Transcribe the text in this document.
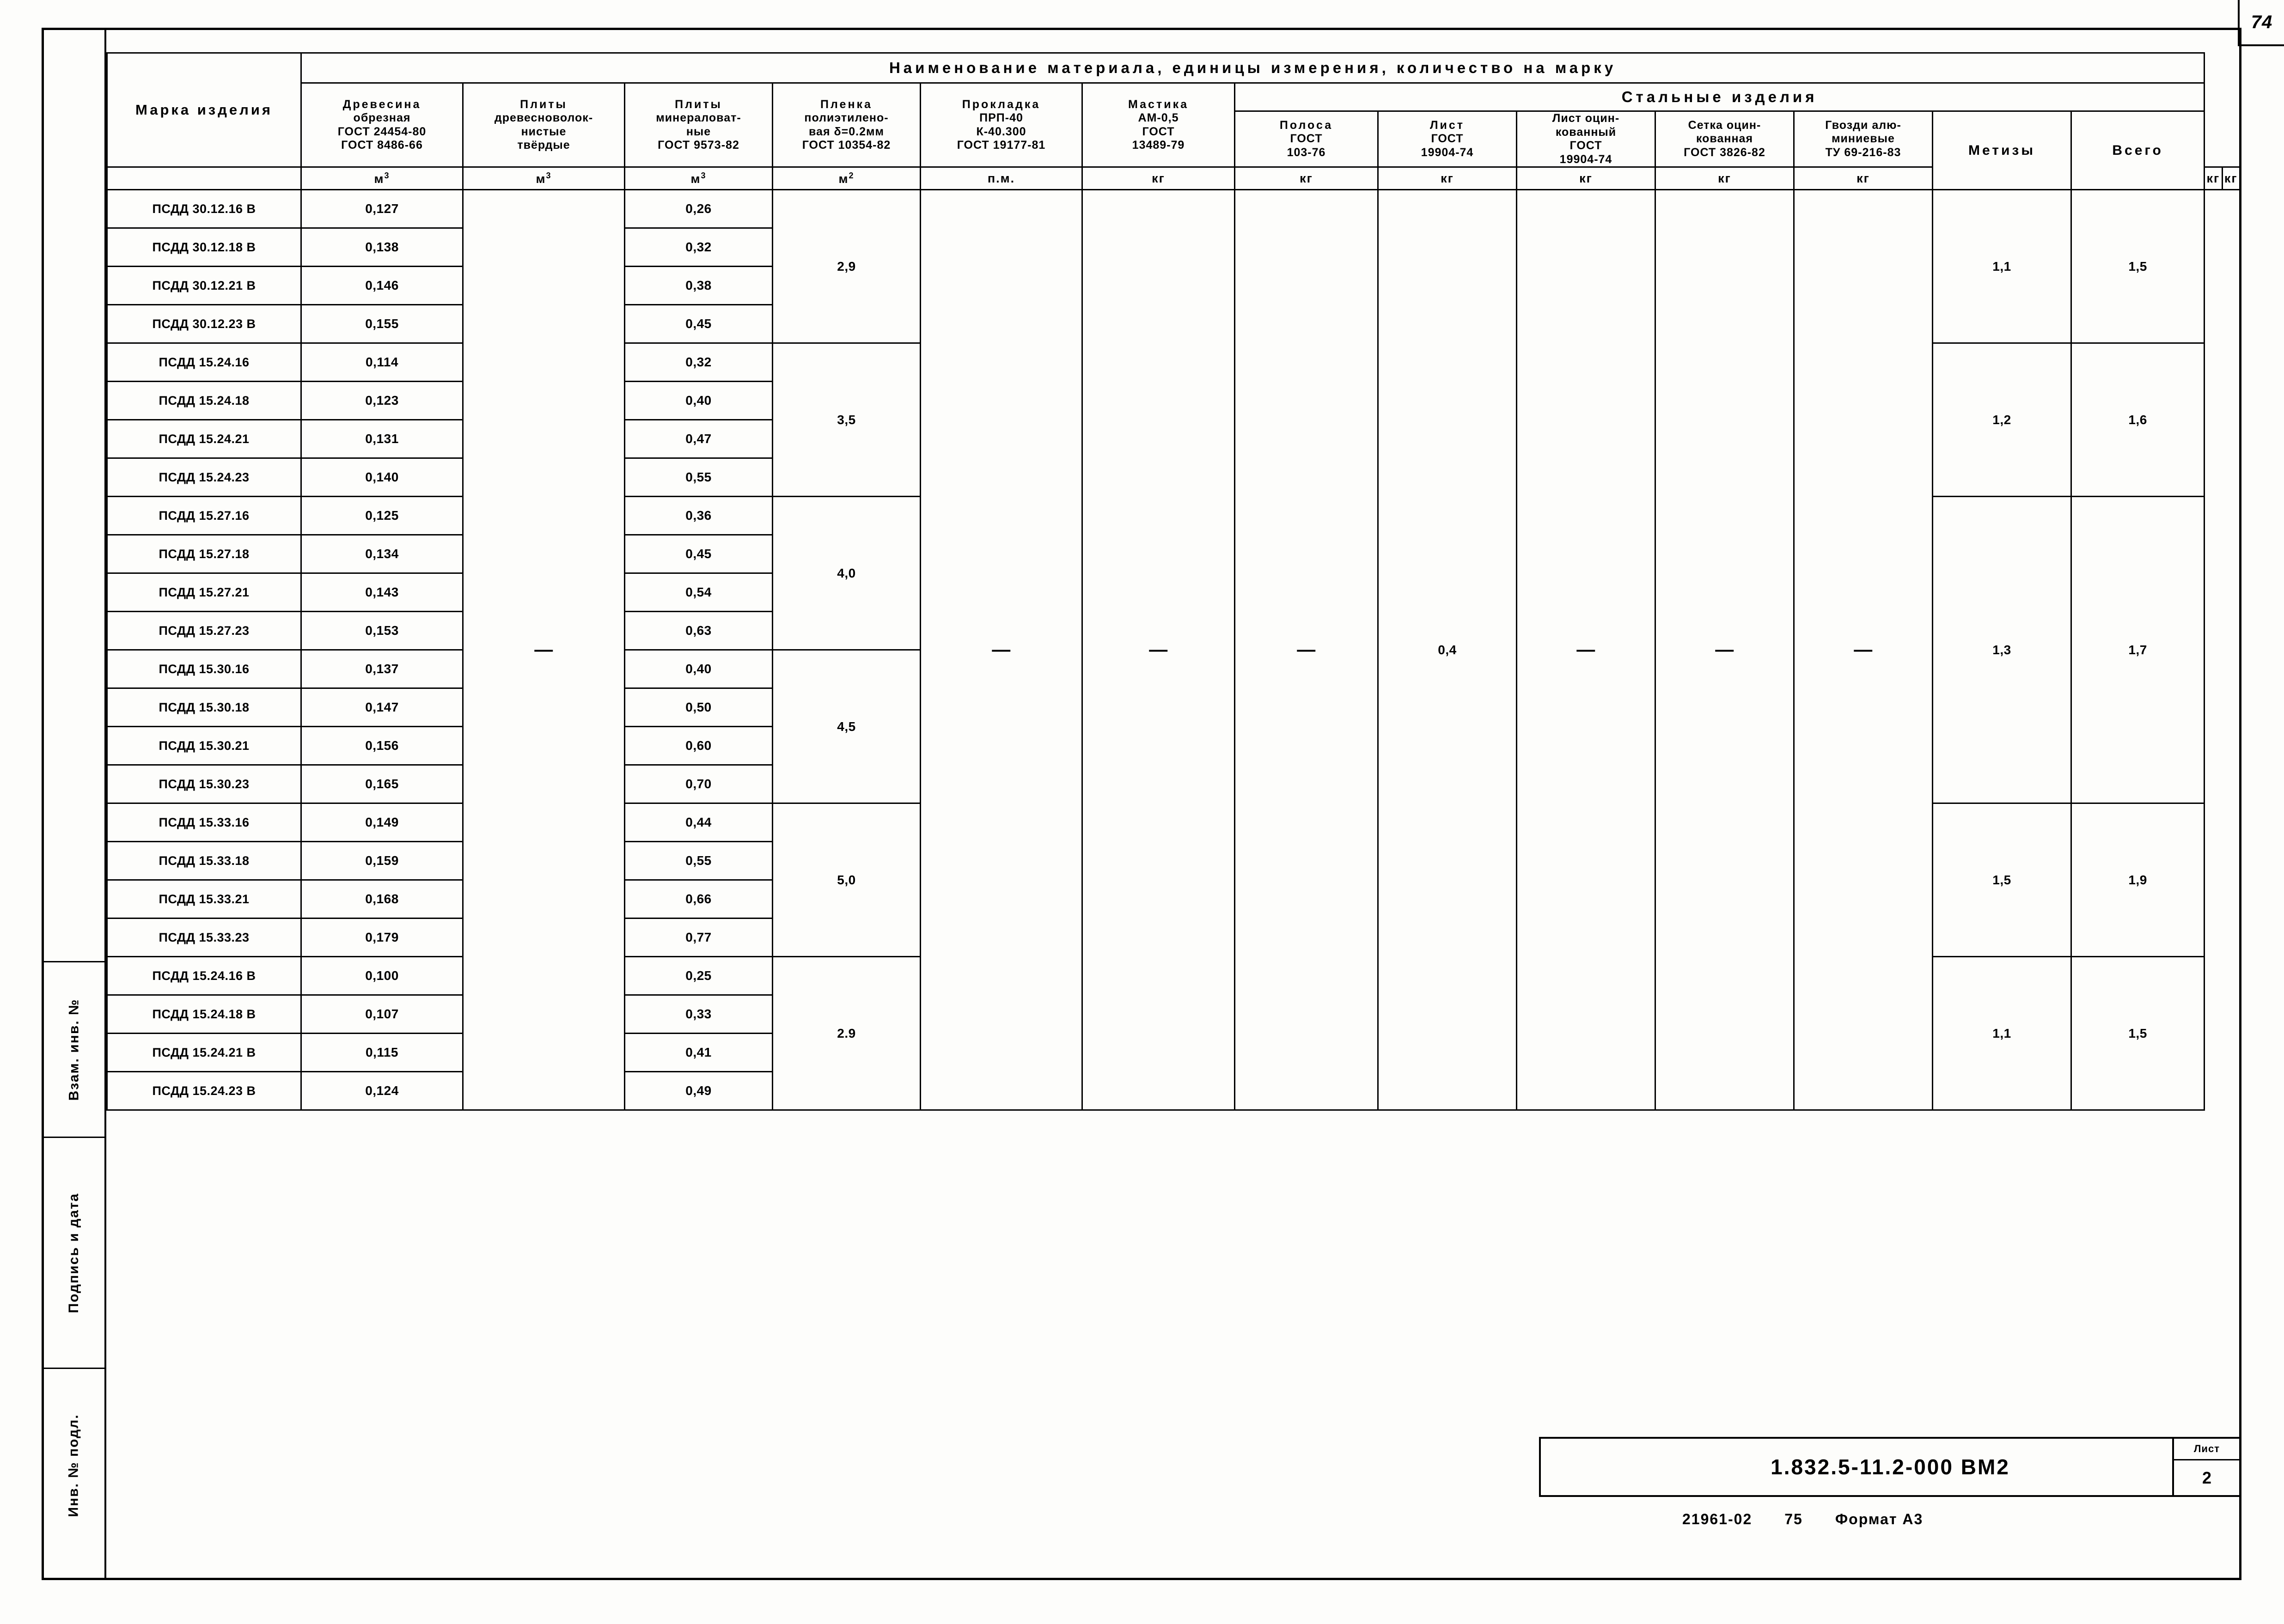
74
Взам. инв. №
Подпись и дата
Инв. № подл.
Марка изделия	Наименование материала, единицы измерения, количество на марку														

Древесина
обрезная
ГОСТ 24454-80
ГОСТ 8486-66

Плиты
древесноволок-
нистые
твёрдые

Плиты
минераловат-
ные
ГОСТ 9573-82

Пленка
полиэтилено-
вая δ=0.2мм
ГОСТ 10354-82

Прокладка
ПРП-40
К-40.300
ГОСТ 19177-81

Мастика
АМ-0,5
ГОСТ
13489-79
	Стальные изделия

Полоса
ГОСТ
103-76

Лист
ГОСТ
19904-74

Лист оцин-
кованный
ГОСТ
19904-74

Сетка оцин-
кованная
ГОСТ 3826-82

Гвозди алю-
миниевые
ТУ 69-216-83	Метизы	Всего

	$м^3$	$м^3$	$м^3$	$м^2$	п.м.	кг	кг	кг	кг	кг	кг			кг	кг
ПСДД 30.12.16 В	0,127	—	0,26	2,9	—	—	—	0,4	—	—	—	1,1	1,5		
ПСДД 30.12.18 В	0,138		0,32												
ПСДД 30.12.21 В	0,146		0,38												
ПСДД 30.12.23 В	0,155		0,45												
ПСДД 15.24.16	0,114		0,32	3,5								1,2	1,6		
ПСДД 15.24.18	0,123		0,40												
ПСДД 15.24.21	0,131		0,47												
ПСДД 15.24.23	0,140		0,55												
ПСДД 15.27.16	0,125		0,36	4,0								1,3	1,7		
ПСДД 15.27.18	0,134		0,45												
ПСДД 15.27.21	0,143		0,54												
ПСДД 15.27.23	0,153		0,63												
ПСДД 15.30.16	0,137		0,40	4,5											
ПСДД 15.30.18	0,147		0,50												
ПСДД 15.30.21	0,156		0,60												
ПСДД 15.30.23	0,165		0,70												
ПСДД 15.33.16	0,149		0,44	5,0								1,5	1,9		
ПСДД 15.33.18	0,159		0,55												
ПСДД 15.33.21	0,168		0,66												
ПСДД 15.33.23	0,179		0,77												
ПСДД 15.24.16 В	0,100		0,25	2.9								1,1	1,5		
ПСДД 15.24.18 В	0,107		0,33												
ПСДД 15.24.21 В	0,115		0,41												
ПСДД 15.24.23 В	0,124		0,49												
1.832.5-11.2-000 ВМ2
Лист
2
21961-02 75 Формат А3
